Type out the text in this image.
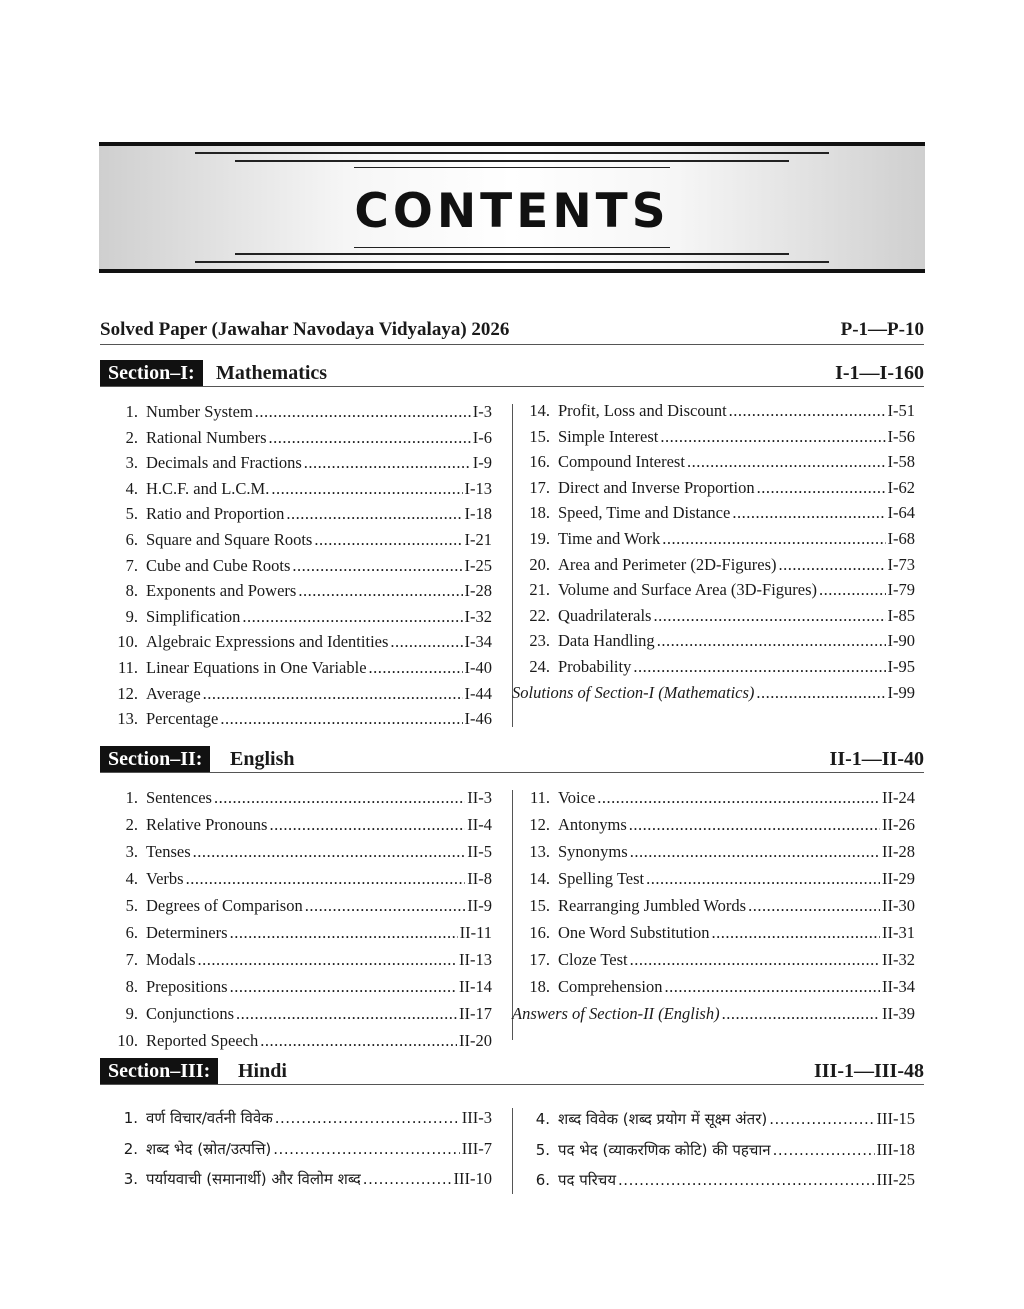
CONTENTS
Solved Paper (Jawahar Navodaya Vidyalaya) 2026	P-1—P-10
Section–I:	Mathematics	I-1—I-160
1. Number System .....	I-3
2. Rational Numbers .....	I-6
3. Decimals and Fractions .....	I-9
4. H.C.F. and L.C.M. .....	I-13
5. Ratio and Proportion .....	I-18
6. Square and Square Roots .....	I-21
7. Cube and Cube Roots .....	I-25
8. Exponents and Powers .....	I-28
9. Simplification .....	I-32
10. Algebraic Expressions and Identities .....	I-34
11. Linear Equations in One Variable .....	I-40
12. Average .....	I-44
13. Percentage .....	I-46
14. Profit, Loss and Discount .....	I-51
15. Simple Interest .....	I-56
16. Compound Interest .....	I-58
17. Direct and Inverse Proportion .....	I-62
18. Speed, Time and Distance .....	I-64
19. Time and Work .....	I-68
20. Area and Perimeter (2D-Figures) .....	I-73
21. Volume and Surface Area (3D-Figures) .....	I-79
22. Quadrilaterals .....	I-85
23. Data Handling .....	I-90
24. Probability .....	I-95
Solutions of Section-I (Mathematics) .....	I-99
Section–II:	English	II-1—II-40
1. Sentences .....	II-3
2. Relative Pronouns .....	II-4
3. Tenses .....	II-5
4. Verbs .....	II-8
5. Degrees of Comparison .....	II-9
6. Determiners .....	II-11
7. Modals .....	II-13
8. Prepositions .....	II-14
9. Conjunctions .....	II-17
10. Reported Speech .....	II-20
11. Voice .....	II-24
12. Antonyms .....	II-26
13. Synonyms .....	II-28
14. Spelling Test .....	II-29
15. Rearranging Jumbled Words .....	II-30
16. One Word Substitution .....	II-31
17. Cloze Test .....	II-32
18. Comprehension .....	II-34
Answers of Section-II (English) .....	II-39
Section–III:	Hindi	III-1—III-48
1. वर्ण विचार/वर्तनी विवेक .....	III-3
2. शब्द भेद (स्रोत/उत्पत्ति) .....	III-7
3. पर्यायवाची (समानार्थी) और विलोम शब्द .....	III-10
4. शब्द विवेक (शब्द प्रयोग में सूक्ष्म अंतर) .....	III-15
5. पद भेद (व्याकरणिक कोटि) की पहचान .....	III-18
6. पद परिचय .....	III-25
